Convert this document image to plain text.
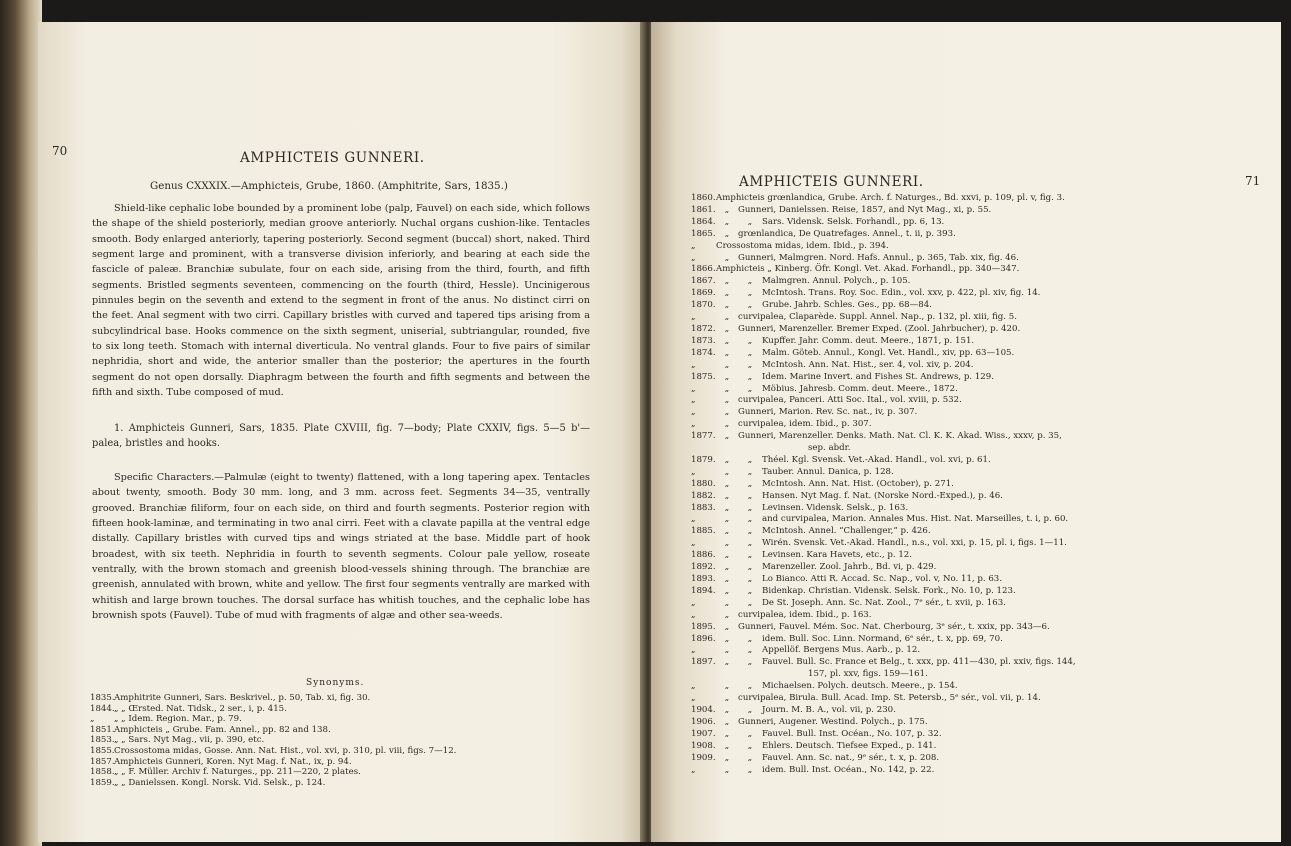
70	AMPHICTEIS GUNNERI.

Genus CXXXIX.—Amphicteis, Grube, 1860. (Amphitrite, Sars, 1835.)

Shield-like cephalic lobe bounded by a prominent lobe (palp, Fauvel) on each side, which follows the shape of the shield posteriorly, median groove anteriorly. Nuchal organs cushion-like. Tentacles smooth. Body enlarged anteriorly, tapering posteriorly. Second segment (buccal) short, naked. Third segment large and prominent, with a transverse division inferiorly, and bearing at each side the fascicle of paleæ. Branchiæ subulate, four on each side, arising from the third, fourth, and fifth segments. Bristled segments seventeen, commencing on the fourth (third, Hessle). Uncinigerous pinnules begin on the seventh and extend to the segment in front of the anus. No distinct cirri on the feet. Anal segment with two cirri. Capillary bristles with curved and tapered tips arising from a subcylindrical base. Hooks commence on the sixth segment, uniserial, subtriangular, rounded, five to six long teeth. Stomach with internal diverticula. No ventral glands. Four to five pairs of similar nephridia, short and wide, the anterior smaller than the posterior; the apertures in the fourth segment do not open dorsally. Diaphragm between the fourth and fifth segments and between the fifth and sixth. Tube composed of mud.

1. Amphicteis Gunneri, Sars, 1835. Plate CXVIII, fig. 7—body; Plate CXXIV, figs. 5—5 b'—palea, bristles and hooks.

Specific Characters.—Palmulæ (eight to twenty) flattened, with a long tapering apex. Tentacles about twenty, smooth. Body 30 mm. long, and 3 mm. across feet. Segments 34—35, ventrally grooved. Branchiæ filiform, four on each side, on third and fourth segments. Posterior region with fifteen hook-laminæ, and terminating in two anal cirri. Feet with a clavate papilla at the ventral edge distally. Capillary bristles with curved tips and wings striated at the base. Middle part of hook broadest, with six teeth. Nephridia in fourth to seventh segments. Colour pale yellow, roseate ventrally, with the brown stomach and greenish blood-vessels shining through. The branchiæ are greenish, annulated with brown, white and yellow. The first four segments ventrally are marked with whitish and large brown touches. The dorsal surface has whitish touches, and the cephalic lobe has brownish spots (Fauvel). Tube of mud with fragments of algæ and other sea-weeds.

Synonyms.
1835. Amphitrite Gunneri, Sars. Beskrivel., p. 50, Tab. xi, fig. 30.
1844. „ „ Œrsted. Nat. Tidsk., 2 ser., i, p. 415.
„	„ „ Idem. Region. Mar., p. 79.
1851. Amphicteis „ Grube. Fam. Annel., pp. 82 and 138.
1853. „ „ Sars. Nyt Mag., vii, p. 390, etc.
1855. Crossostoma midas, Gosse. Ann. Nat. Hist., vol. xvi, p. 310, pl. viii, figs. 7—12.
1857. Amphicteis Gunneri, Koren. Nyt Mag. f. Nat., ix, p. 94.
1858. „ „ F. Müller. Archiv f. Naturges., pp. 211—220, 2 plates.
1859. „ „ Danielssen. Kongl. Norsk. Vid. Selsk., p. 124.
AMPHICTEIS GUNNERI.	71
1860. Amphicteis grœnlandica, Grube. Arch. f. Naturges., Bd. xxvi, p. 109, pl. v, fig. 3.
1861.	„	Gunneri, Danielssen. Reise, 1857, and Nyt Mag., xi, p. 55.
1864.	„	„	Sars. Vidensk. Selsk. Forhandl., pp. 6, 13.
1865.	„	grœnlandica, De Quatrefages. Annel., t. ii, p. 393.
„	Crossostoma midas, idem. Ibid., p. 394.
„	„	Gunneri, Malmgren. Nord. Hafs. Annul., p. 365, Tab. xix, fig. 46.
1866. Amphicteis „ Kinberg. Öfr. Kongl. Vet. Akad. Forhandl., pp. 340—347.
1867.	„	„	Malmgren. Annul. Polych., p. 105.
1869.	„	„	McIntosh. Trans. Roy. Soc. Edin., vol. xxv, p. 422, pl. xiv, fig. 14.
1870.	„	„	Grube. Jahrb. Schles. Ges., pp. 68—84.
„	„	curvipalea, Claparède. Suppl. Annel. Nap., p. 132, pl. xiii, fig. 5.
1872.	„	Gunneri, Marenzeller. Bremer Exped. (Zool. Jahrbucher), p. 420.
1873.	„	„	Kupffer. Jahr. Comm. deut. Meere., 1871, p. 151.
1874.	„	„	Malm. Göteb. Annul., Kongl. Vet. Handl., xiv, pp. 63—105.
„	„	„	McIntosh. Ann. Nat. Hist., ser. 4, vol. xiv, p. 204.
1875.	„	„	Idem. Marine Invert. and Fishes St. Andrews, p. 129.
„	„	„	Möbius. Jahresb. Comm. deut. Meere., 1872.
„	„	curvipalea, Panceri. Atti Soc. Ital., vol. xviii, p. 532.
„	„	Gunneri, Marion. Rev. Sc. nat., iv, p. 307.
„	„	curvipalea, idem. Ibid., p. 307.
1877.	„	Gunneri, Marenzeller. Denks. Math. Nat. Cl. K. K. Akad. Wiss., xxxv, p. 35,
sep. abdr.
1879.	„	„	Théel. Kgl. Svensk. Vet.-Akad. Handl., vol. xvi, p. 61.
„	„	„	Tauber. Annul. Danica, p. 128.
1880.	„	„	McIntosh. Ann. Nat. Hist. (October), p. 271.
1882.	„	„	Hansen. Nyt Mag. f. Nat. (Norske Nord.-Exped.), p. 46.
1883.	„	„	Levinsen. Vidensk. Selsk., p. 163.
„	„	„	and curvipalea, Marion. Annales Mus. Hist. Nat. Marseilles, t. i, p. 60.
1885.	„	„	McIntosh. Annel. “Challenger,” p. 426.
„	„	„	Wirén. Svensk. Vet.-Akad. Handl., n.s., vol. xxi, p. 15, pl. i, figs. 1—11.
1886.	„	„	Levinsen. Kara Havets, etc., p. 12.
1892.	„	„	Marenzeller. Zool. Jahrb., Bd. vi, p. 429.
1893.	„	„	Lo Bianco. Atti R. Accad. Sc. Nap., vol. v, No. 11, p. 63.
1894.	„	„	Bidenkap. Christian. Vidensk. Selsk. Fork., No. 10, p. 123.
„	„	„	De St. Joseph. Ann. Sc. Nat. Zool., 7ᵉ sér., t. xvii, p. 163.
„	„	curvipalea, idem. Ibid., p. 163.
1895.	„	Gunneri, Fauvel. Mém. Soc. Nat. Cherbourg, 3ᵉ sér., t. xxix, pp. 343—6.
1896.	„	„	idem. Bull. Soc. Linn. Normand, 6ᵉ sér., t. x, pp. 69, 70.
„	„	„	Appellöf. Bergens Mus. Aarb., p. 12.
1897.	„	„	Fauvel. Bull. Sc. France et Belg., t. xxx, pp. 411—430, pl. xxiv, figs. 144,
157, pl. xxv, figs. 159—161.
„	„	„	Michaelsen. Polych. deutsch. Meere., p. 154.
„	„	curvipalea, Birula. Bull. Acad. Imp. St. Petersb., 5ᵉ sér., vol. vii, p. 14.
1904.	„	„	Journ. M. B. A., vol. vii, p. 230.
1906.	„	Gunneri, Augener. Westind. Polych., p. 175.
1907.	„	„	Fauvel. Bull. Inst. Océan., No. 107, p. 32.
1908.	„	„	Ehlers. Deutsch. Tiefsee Exped., p. 141.
1909.	„	„	Fauvel. Ann. Sc. nat., 9ᵉ sér., t. x, p. 208.
„	„	„	idem. Bull. Inst. Océan., No. 142, p. 22.
